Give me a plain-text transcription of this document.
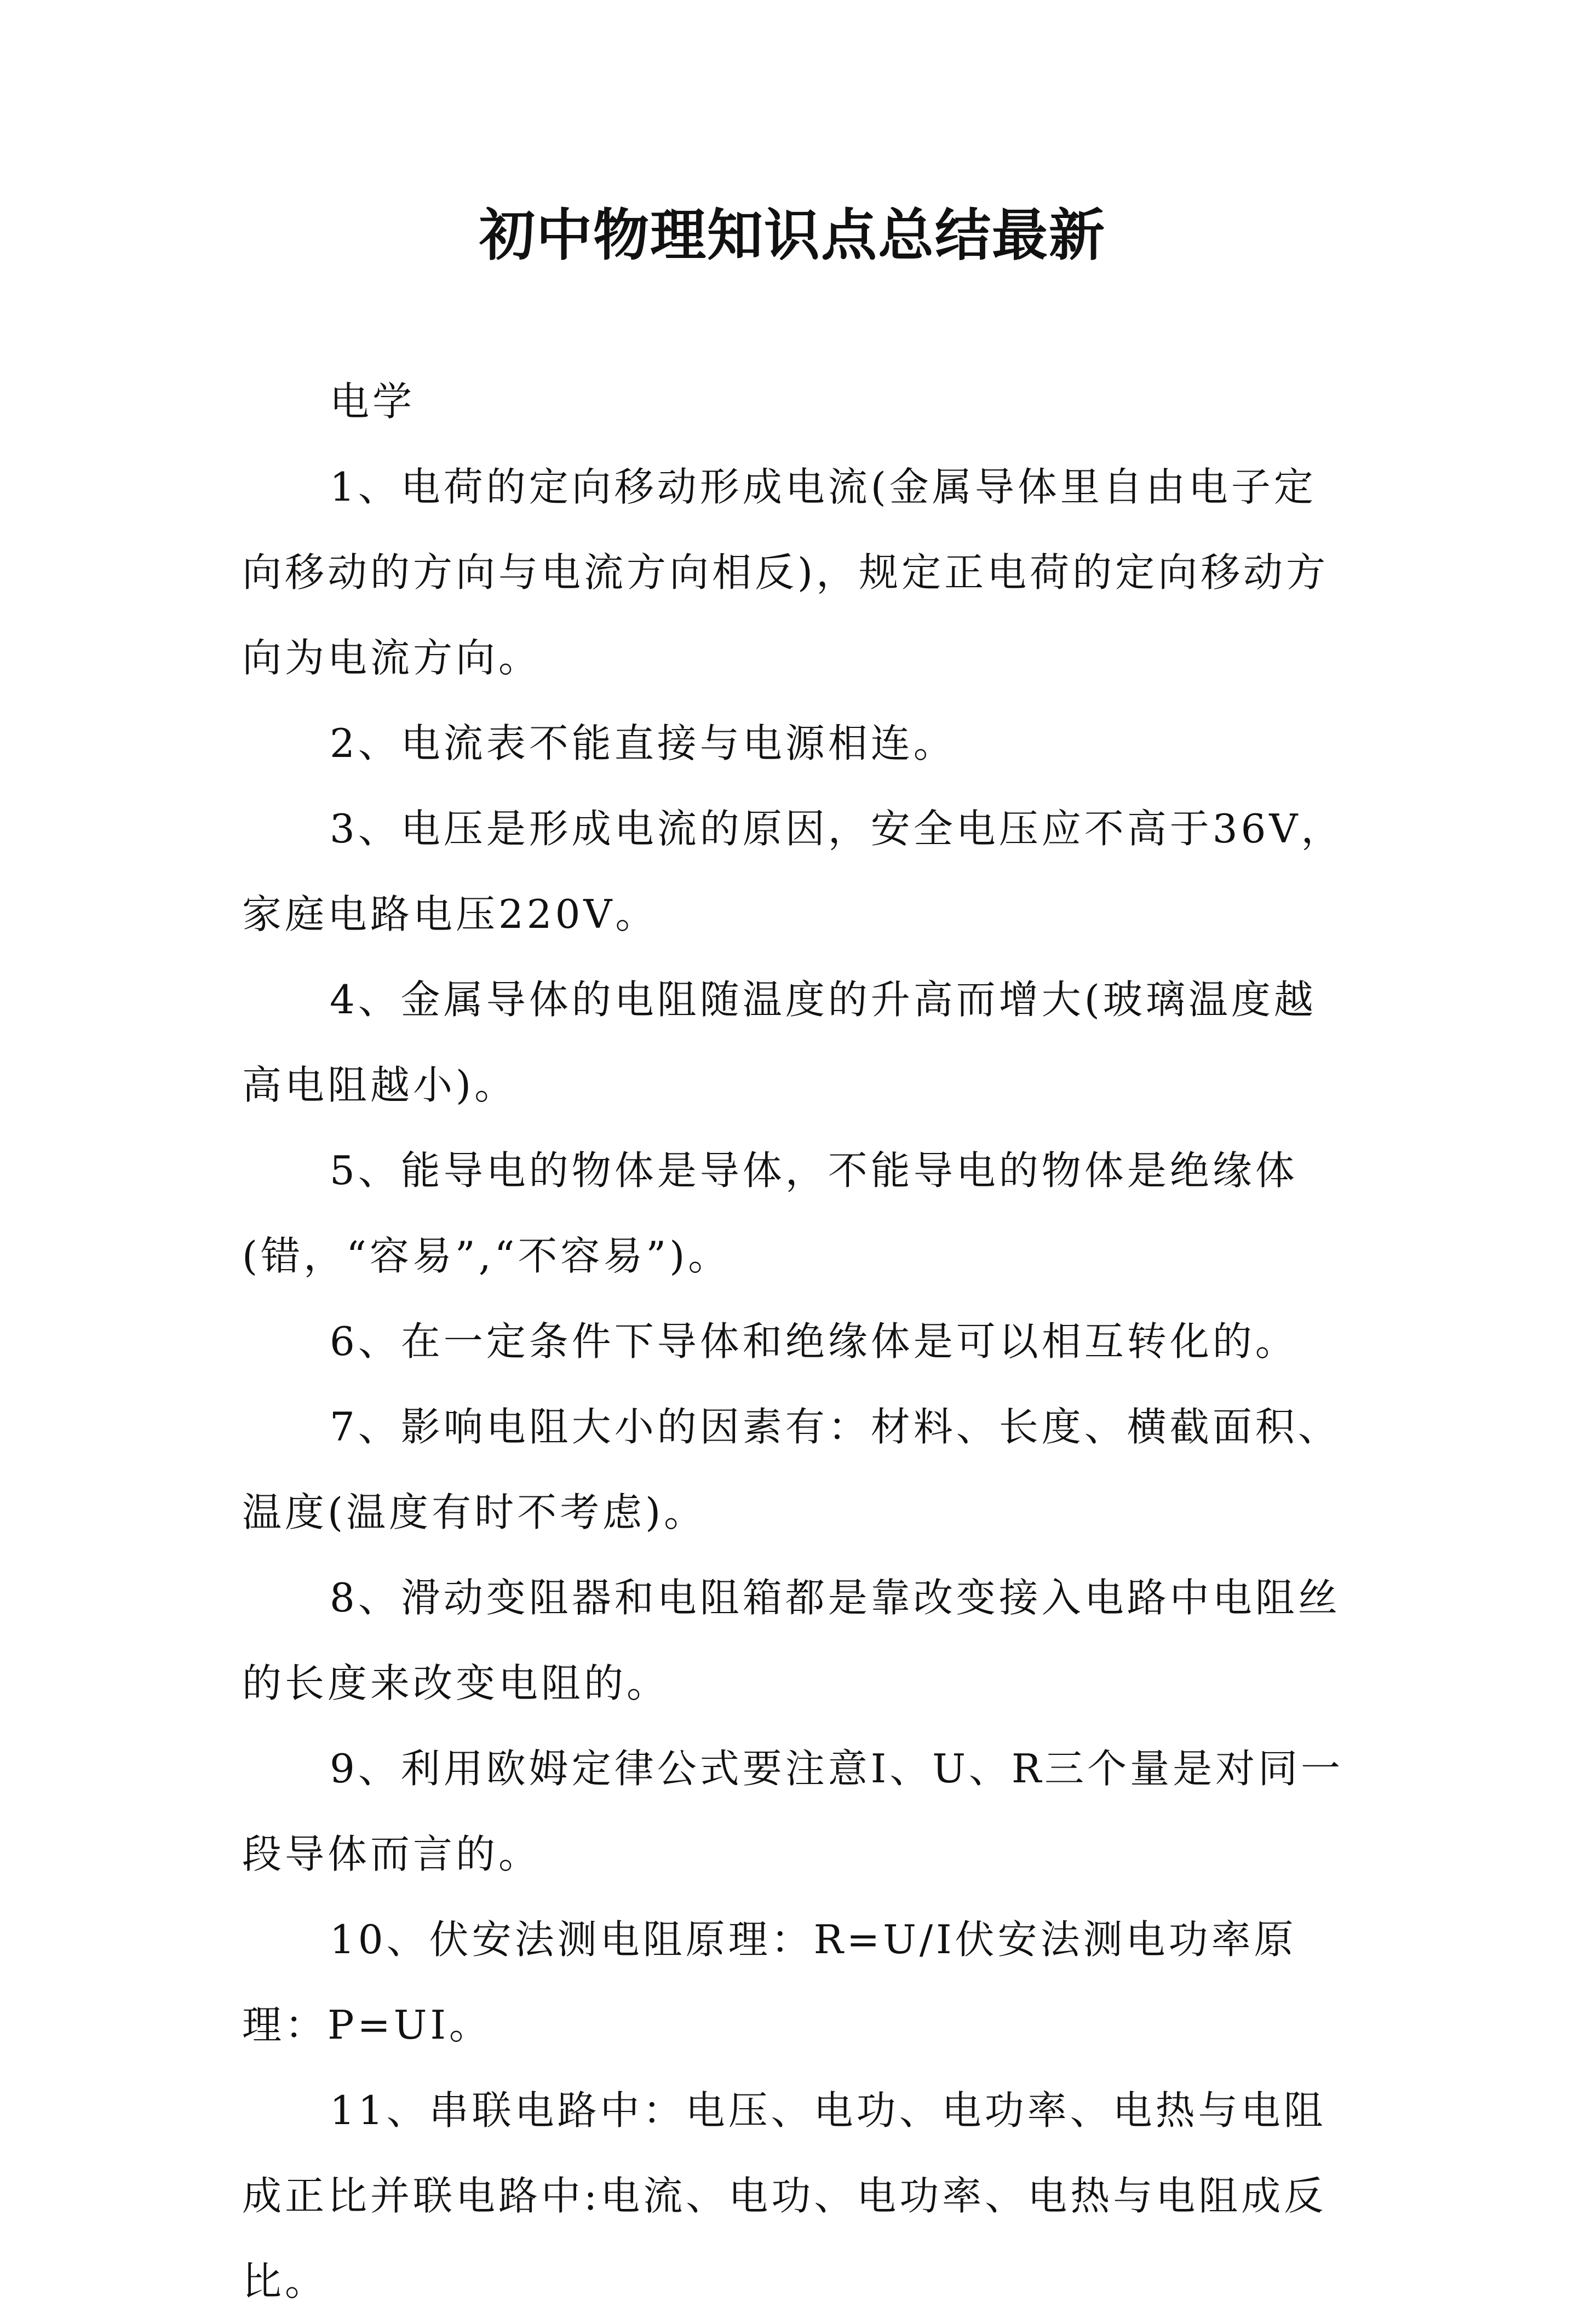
初中物理知识点总结最新

电学

1、电荷的定向移动形成电流(金属导体里自由电子定向移动的方向与电流方向相反)，规定正电荷的定向移动方向为电流方向。

2、电流表不能直接与电源相连。

3、电压是形成电流的原因，安全电压应不高于36V，家庭电路电压220V。

4、金属导体的电阻随温度的升高而增大(玻璃温度越高电阻越小)。

5、能导电的物体是导体，不能导电的物体是绝缘体(错，“容易”,“不容易”)。

6、在一定条件下导体和绝缘体是可以相互转化的。

7、影响电阻大小的因素有：材料、长度、横截面积、温度(温度有时不考虑)。

8、滑动变阻器和电阻箱都是靠改变接入电路中电阻丝的长度来改变电阻的。

9、利用欧姆定律公式要注意I、U、R三个量是对同一段导体而言的。

10、伏安法测电阻原理：R=U/I伏安法测电功率原理：P=UI。

11、串联电路中：电压、电功、电功率、电热与电阻成正比并联电路中:电流、电功、电功率、电热与电阻成反比。
